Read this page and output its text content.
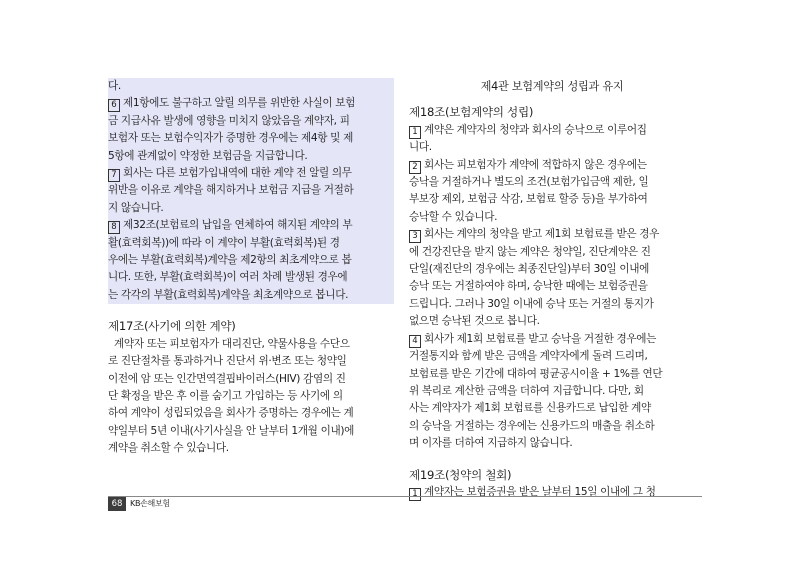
다.

6 제1항에도 불구하고 알릴 의무를 위반한 사실이 보험

금 지급사유 발생에 영향을 미치지 않았음을 계약자, 피

보험자 또는 보험수익자가 증명한 경우에는 제4항 및 제

5항에 관계없이 약정한 보험금을 지급합니다.

7 회사는 다른 보험가입내역에 대한 계약 전 알릴 의무

위반을 이유로 계약을 해지하거나 보험금 지급을 거절하

지 않습니다.

8 제32조(보험료의 납입을 연체하여 해지된 계약의 부

활(효력회복))에 따라 이 계약이 부활(효력회복)된 경

우에는 부활(효력회복)계약을 제2항의 최초계약으로 봅

니다. 또한, 부활(효력회복)이 여러 차례 발생된 경우에

는 각각의 부활(효력회복)계약을 최초계약으로 봅니다.

제17조(사기에 의한 계약)

계약자 또는 피보험자가 대리진단, 약물사용을 수단으

로 진단절차를 통과하거나 진단서 위·변조 또는 청약일

이전에 암 또는 인간면역결핍바이러스(HIV) 감염의 진

단 확정을 받은 후 이를 숨기고 가입하는 등 사기에 의

하여 계약이 성립되었음을 회사가 증명하는 경우에는 계

약일부터 5년 이내(사기사실을 안 날부터 1개월 이내)에

계약을 취소할 수 있습니다.

제4관 보험계약의 성립과 유지

제18조(보험계약의 성립)

1 계약은 계약자의 청약과 회사의 승낙으로 이루어집

니다.

2 회사는 피보험자가 계약에 적합하지 않은 경우에는

승낙을 거절하거나 별도의 조건(보험가입금액 제한, 일

부보장 제외, 보험금 삭감, 보험료 할증 등)을 부가하여

승낙할 수 있습니다.

3 회사는 계약의 청약을 받고 제1회 보험료를 받은 경우

에 건강진단을 받지 않는 계약은 청약일, 진단계약은 진

단일(재진단의 경우에는 최종진단일)부터 30일 이내에

승낙 또는 거절하여야 하며, 승낙한 때에는 보험증권을

드립니다. 그러나 30일 이내에 승낙 또는 거절의 통지가

없으면 승낙된 것으로 봅니다.

4 회사가 제1회 보험료를 받고 승낙을 거절한 경우에는

거절통지와 함께 받은 금액을 계약자에게 돌려 드리며,

보험료를 받은 기간에 대하여 평균공시이율 + 1%를 연단

위 복리로 계산한 금액을 더하여 지급합니다. 다만, 회

사는 계약자가 제1회 보험료를 신용카드로 납입한 계약

의 승낙을 거절하는 경우에는 신용카드의 매출을 취소하

며 이자를 더하여 지급하지 않습니다.

제19조(청약의 철회)

1 계약자는 보험증권을 받은 날부터 15일 이내에 그 청

68 KB손해보험
